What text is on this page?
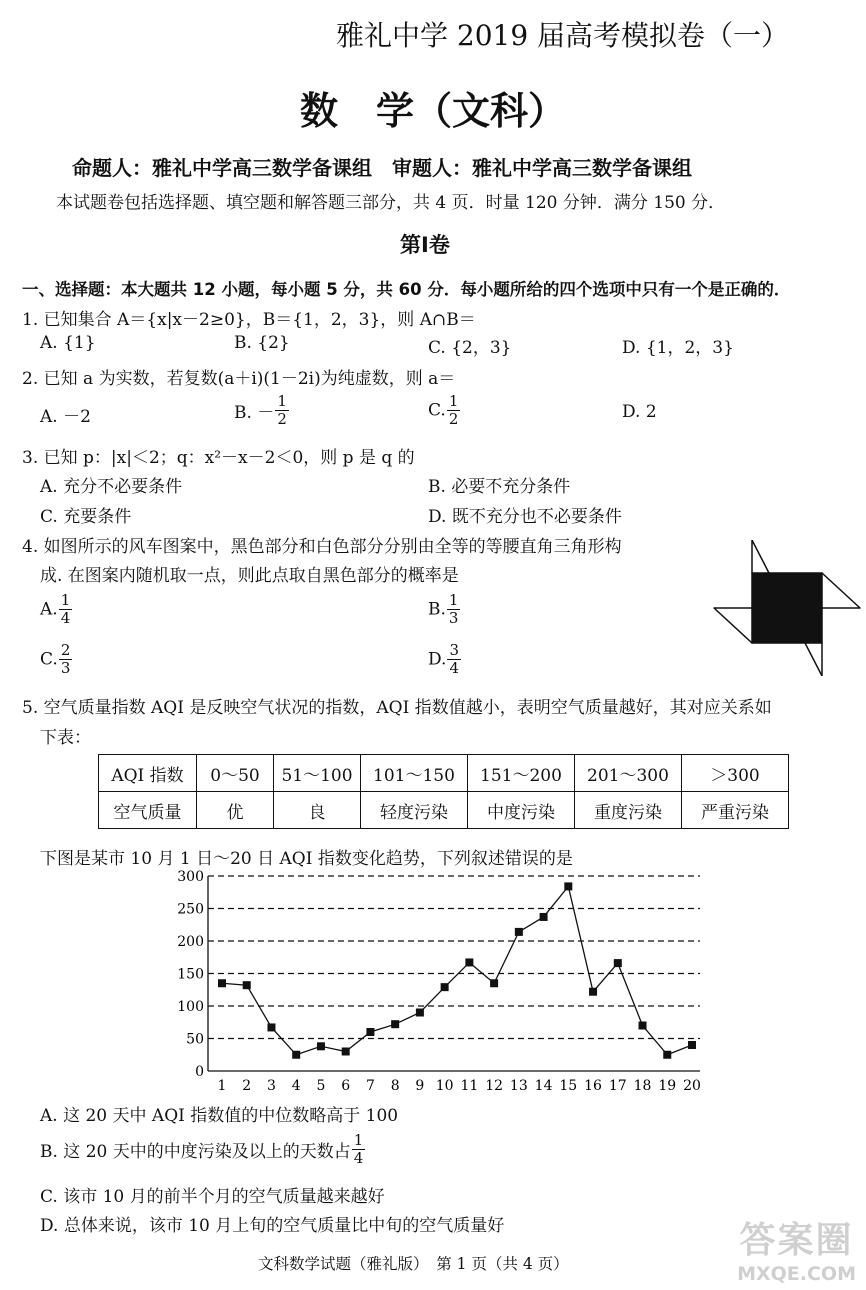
雅礼中学 2019 届高考模拟卷（一）
数　学（文科）
命题人：雅礼中学高三数学备课组　审题人：雅礼中学高三数学备课组
本试题卷包括选择题、填空题和解答题三部分，共 4 页．时量 120 分钟．满分 150 分．
第Ⅰ卷
一、选择题：本大题共 12 小题，每小题 5 分，共 60 分．每小题所给的四个选项中只有一个是正确的．
1. 已知集合 A＝{x|x－2≥0}，B＝{1，2，3}，则 A∩B＝
A. {1}	B. {2}	C. {2，3}	D. {1，2，3}
2. 已知 a 为实数，若复数(a＋i)(1－2i)为纯虚数，则 a＝
A. －2	B. － $\frac{1}{2}$	C. $\frac{1}{2}$	D. 2
3. 已知 p：|x|＜2；q：x²－x－2＜0，则 p 是 q 的
A. 充分不必要条件	B. 必要不充分条件
C. 充要条件	D. 既不充分也不必要条件
4. 如图所示的风车图案中，黑色部分和白色部分分别由全等的等腰直角三角形构
成. 在图案内随机取一点，则此点取自黑色部分的概率是
A. $\frac{1}{4}$	B. $\frac{1}{3}$
C. $\frac{2}{3}$	D. $\frac{3}{4}$
5. 空气质量指数 AQI 是反映空气状况的指数，AQI 指数值越小，表明空气质量越好，其对应关系如
下表：
AQI 指数	0～50	51～100	101～150	151～200	201～300	＞300
空气质量	优	良	轻度污染	中度污染	重度污染	严重污染
下图是某市 10 月 1 日～20 日 AQI 指数变化趋势，下列叙述错误的是
0
50
100
150
200
250
300
1 2 3 4 5 6 7 8 9 10 11 12 13 14 15 16 17 18 19 20
A. 这 20 天中 AQI 指数值的中位数略高于 100
B. 这 20 天中的中度污染及以上的天数占 $\frac{1}{4}$
C. 该市 10 月的前半个月的空气质量越来越好
D. 总体来说，该市 10 月上旬的空气质量比中旬的空气质量好
文科数学试题（雅礼版）　第 1 页（共 4 页）
答案圈
MXQE.COM
